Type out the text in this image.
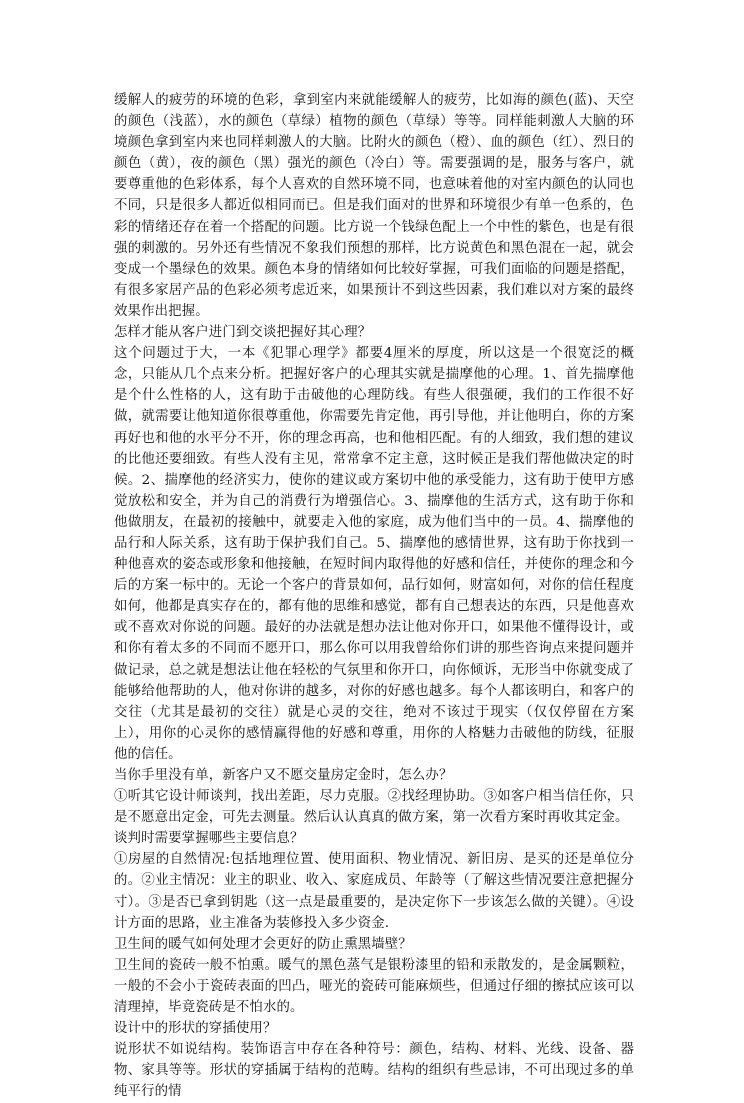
缓解人的疲劳的环境的色彩，拿到室内来就能缓解人的疲劳，比如海的颜色(蓝)、天空的颜色（浅蓝），水的颜色（草绿）植物的颜色（草绿）等等。同样能刺激人大脑的环境颜色拿到室内来也同样刺激人的大脑。比附火的颜色（橙）、血的颜色（红）、烈日的颜色（黄），夜的颜色（黑）强光的颜色（冷白）等。需要强调的是，服务与客户，就要尊重他的色彩体系，每个人喜欢的自然环境不同，也意味着他的对室内颜色的认同也不同，只是很多人都近似相同而已。但是我们面对的世界和环境很少有单一色系的，色彩的情绪还存在着一个搭配的问题。比方说一个钱绿色配上一个中性的紫色，也是有很强的刺激的。另外还有些情况不象我们预想的那样，比方说黄色和黑色混在一起，就会变成一个墨绿色的效果。颜色本身的情绪如何比较好掌握，可我们面临的问题是搭配，有很多家居产品的色彩必须考虑近来，如果预计不到这些因素，我们难以对方案的最终效果作出把握。

怎样才能从客户进门到交谈把握好其心理？

这个问题过于大，一本《犯罪心理学》都要4厘米的厚度，所以这是一个很宽泛的概念，只能从几个点来分析。把握好客户的心理其实就是揣摩他的心理。1、首先揣摩他是个什么性格的人，这有助于击破他的心理防线。有些人很强硬，我们的工作很不好做，就需要让他知道你很尊重他，你需要先肯定他，再引导他，并让他明白，你的方案再好也和他的水平分不开，你的理念再高，也和他相匹配。有的人细致，我们想的建议的比他还要细致。有些人没有主见，常常拿不定主意，这时候正是我们帮他做决定的时候。2、揣摩他的经济实力，使你的建议或方案切中他的承受能力，这有助于使甲方感觉放松和安全，并为自己的消费行为增强信心。3、揣摩他的生活方式，这有助于你和他做朋友，在最初的接触中，就要走入他的家庭，成为他们当中的一员。4、揣摩他的品行和人际关系，这有助于保护我们自己。5、揣摩他的感情世界，这有助于你找到一种他喜欢的姿态或形象和他接触，在短时间内取得他的好感和信任，并使你的理念和今后的方案一标中的。无论一个客户的背景如何，品行如何，财富如何，对你的信任程度如何，他都是真实存在的，都有他的思维和感觉，都有自己想表达的东西，只是他喜欢或不喜欢对你说的问题。最好的办法就是想办法让他对你开口，如果他不懂得设计，或和你有着太多的不同而不愿开口，那么你可以用我曾给你们讲的那些咨询点来提问题并做记录，总之就是想法让他在轻松的气氛里和你开口，向你倾诉，无形当中你就变成了能够给他帮助的人，他对你讲的越多，对你的好感也越多。每个人都该明白，和客户的交往（尤其是最初的交往）就是心灵的交往，绝对不该过于现实（仅仅停留在方案上），用你的心灵你的感情赢得他的好感和尊重，用你的人格魅力击破他的防线，征服他的信任。

当你手里没有单，新客户又不愿交量房定金时，怎么办？

①听其它设计师谈判，找出差距，尽力克服。②找经理协助。③如客户相当信任你，只是不愿意出定金，可先去测量。然后认认真真的做方案，第一次看方案时再收其定金。

谈判时需要掌握哪些主要信息？

①房屋的自然情况:包括地理位置、使用面积、物业情况、新旧房、是买的还是单位分的。②业主情况：业主的职业、收入、家庭成员、年龄等（了解这些情况要注意把握分寸）。③是否已拿到钥匙（这一点是最重要的，是决定你下一步该怎么做的关键）。④设计方面的思路，业主准备为装修投入多少资金.

卫生间的暖气如何处理才会更好的防止熏黑墙壁？

卫生间的瓷砖一般不怕熏。暖气的黑色蒸气是银粉漆里的铅和汞散发的，是金属颗粒，一般的不会小于瓷砖表面的凹凸，哑光的瓷砖可能麻烦些，但通过仔细的擦拭应该可以清理掉，毕竟瓷砖是不怕水的。

设计中的形状的穿插使用？

说形状不如说结构。装饰语言中存在各种符号：颜色，结构、材料、光线、设备、器物、家具等等。形状的穿插属于结构的范畴。结构的组织有些忌讳，不可出现过多的单纯平行的情
